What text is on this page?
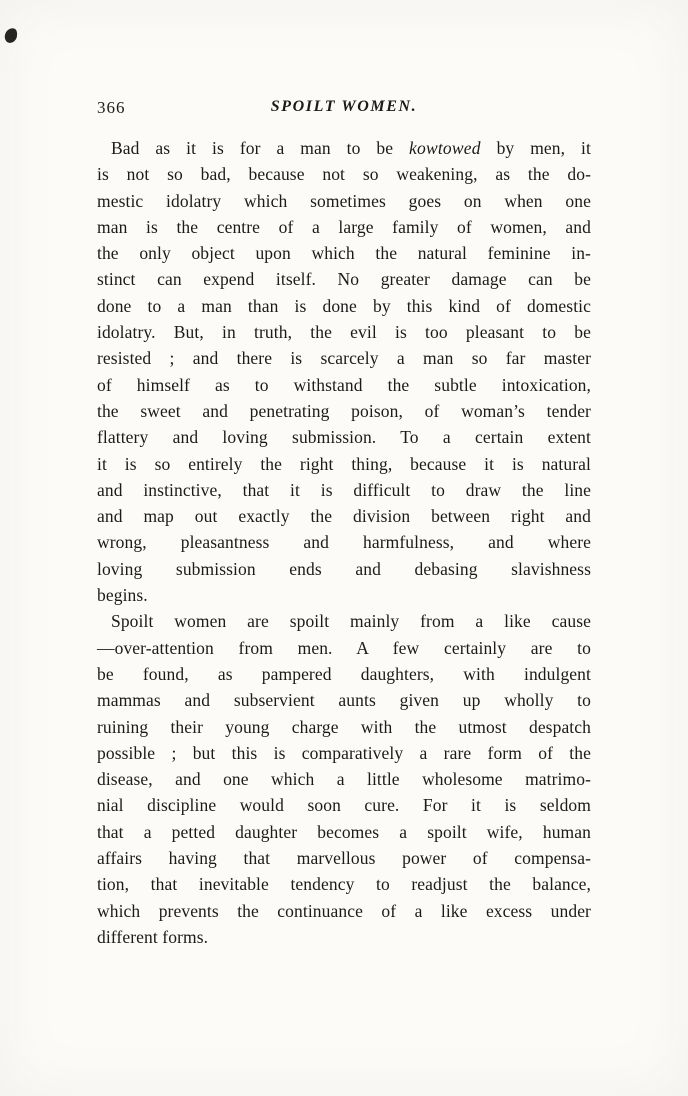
366	SPOILT WOMEN.
Bad as it is for a man to be kowtowed by men, it
is not so bad, because not so weakening, as the do-
mestic idolatry which sometimes goes on when one
man is the centre of a large family of women, and
the only object upon which the natural feminine in-
stinct can expend itself. No greater damage can be
done to a man than is done by this kind of domestic
idolatry. But, in truth, the evil is too pleasant to be
resisted ; and there is scarcely a man so far master
of himself as to withstand the subtle intoxication,
the sweet and penetrating poison, of woman’s tender
flattery and loving submission. To a certain extent
it is so entirely the right thing, because it is natural
and instinctive, that it is difficult to draw the line
and map out exactly the division between right and
wrong, pleasantness and harmfulness, and where
loving submission ends and debasing slavishness
begins.
Spoilt women are spoilt mainly from a like cause
—over-attention from men. A few certainly are to
be found, as pampered daughters, with indulgent
mammas and subservient aunts given up wholly to
ruining their young charge with the utmost despatch
possible ; but this is comparatively a rare form of the
disease, and one which a little wholesome matrimo-
nial discipline would soon cure. For it is seldom
that a petted daughter becomes a spoilt wife, human
affairs having that marvellous power of compensa-
tion, that inevitable tendency to readjust the balance,
which prevents the continuance of a like excess under
different forms.
